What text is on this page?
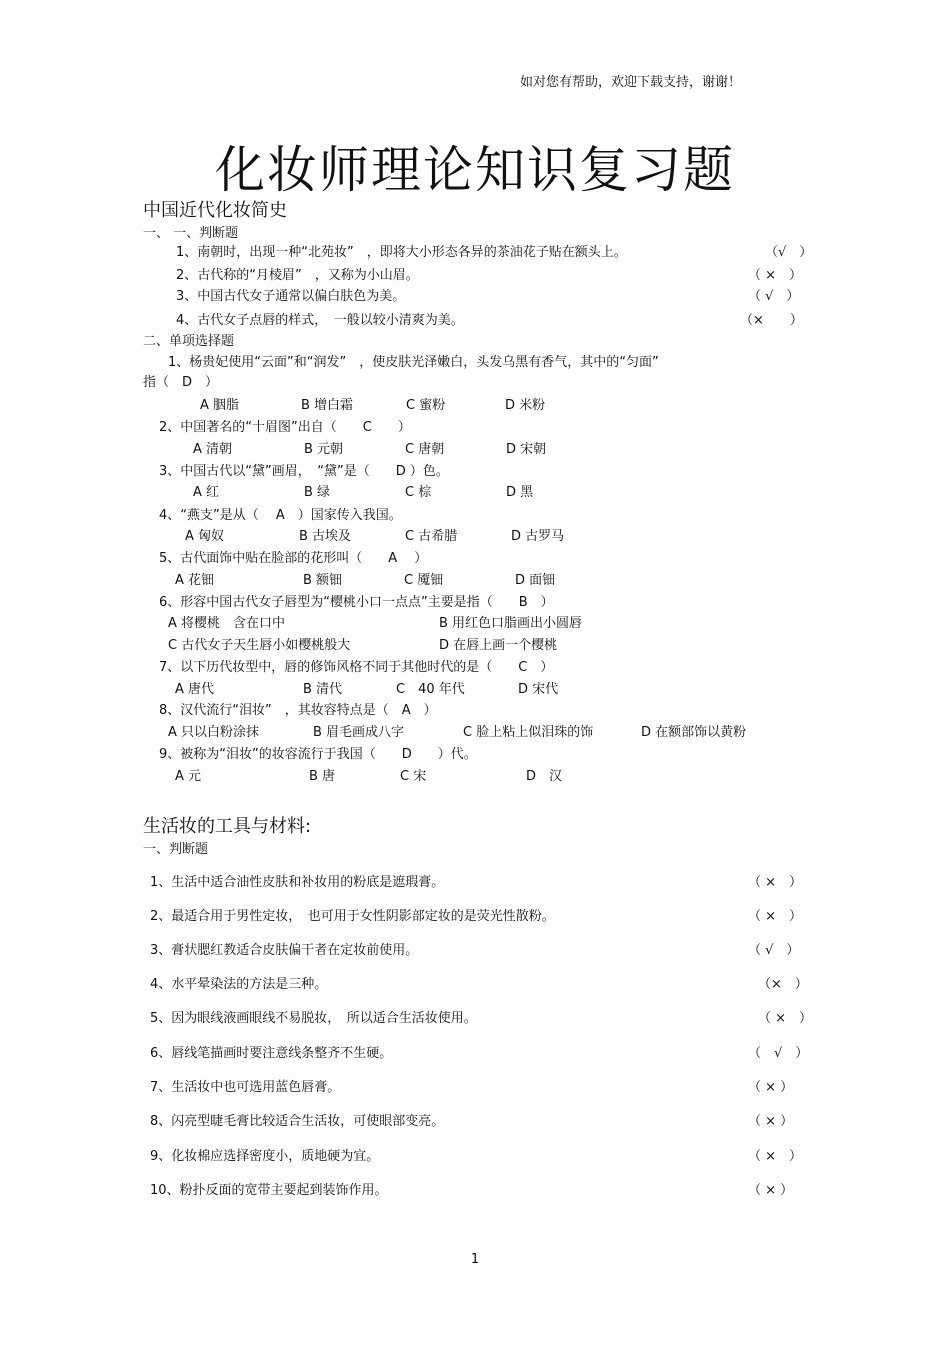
如对您有帮助，欢迎下载支持，谢谢！
化妆师理论知识复习题
中国近代化妆简史
一、 一、判断题
1、南朝时，出现一种“北苑妆”　，即将大小形态各异的茶油花子贴在额头上。	（√　）
2、古代称的“月棱眉”　，又称为小山眉。	（ ×　）
3、中国古代女子通常以偏白肤色为美。	（ √　）
4、古代女子点唇的样式，　一般以较小清爽为美。	（×　　）
二、单项选择题
1、杨贵妃使用“云面”和“润发”　，使皮肤光泽嫩白，头发乌黑有香气，其中的“匀面”
指（　D　）
A 胭脂	B 增白霜	C 蜜粉	D 米粉
2、中国著名的“十眉图”出自（　　C　　）
A 清朝	B 元朝	C 唐朝	D 宋朝
3、中国古代以“黛”画眉，　“黛”是（　　D ）色。
A 红	B 绿	C 棕	D 黑
4、“燕支”是从（　 A　）国家传入我国。
A 匈奴	B 古埃及	C 古希腊	D 古罗马
5、古代面饰中贴在脸部的花形叫（　　A　 ）
A 花钿	B 额钿	C 魇钿	D 面钿
6、形容中国古代女子唇型为“樱桃小口一点点”主要是指（　　B　）
A 将樱桃　含在口中	B 用红色口脂画出小圆唇
C 古代女子天生唇小如樱桃般大	D 在唇上画一个樱桃
7、以下历代妆型中，唇的修饰风格不同于其他时代的是（　　C　）
A 唐代	B 清代	C　40 年代	D 宋代
8、汉代流行“泪妆”　，其妆容特点是（　A　）
A 只以白粉涂抹	B 眉毛画成八字	C 脸上粘上似泪珠的饰	D 在额部饰以黄粉
9、被称为“泪妆”的妆容流行于我国（　　D　　）代。
A 元	B 唐	C 宋	D　汉
生活妆的工具与材料:
一、判断题
1、生活中适合油性皮肤和补妆用的粉底是遮瑕膏。	（ ×　）
2、最适合用于男性定妆，　也可用于女性阴影部定妆的是荧光性散粉。	（ ×　）
3、膏状腮红教适合皮肤偏干者在定妆前使用。	（ √　）
4、水平晕染法的方法是三种。	（×　）
5、因为眼线液画眼线不易脱妆，　所以适合生活妆使用。	（ ×　）
6、唇线笔描画时要注意线条整齐不生硬。	（　√　）
7、生活妆中也可选用蓝色唇膏。	（ × ）
8、闪亮型睫毛膏比较适合生活妆，可使眼部变亮。	（ × ）
9、化妆棉应选择密度小，质地硬为宜。	（ ×　）
10、粉扑反面的宽带主要起到装饰作用。	（ × ）
1
